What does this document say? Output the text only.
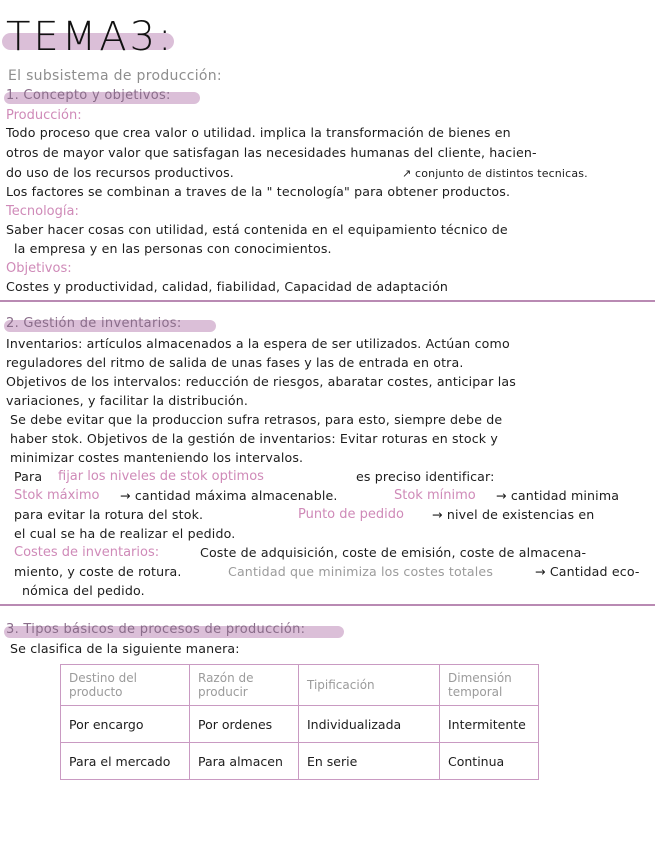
TEMA3:
El subsistema de producción:
1. Concepto y objetivos:
Producción:
Todo proceso que crea valor o utilidad. implica la transformación de bienes en
otros de mayor valor que satisfagan las necesidades humanas del cliente, hacien-
do uso de los recursos productivos.	↗ conjunto de distintos tecnicas.
Los factores se combinan a traves de la " tecnología" para obtener productos.
Tecnología:
Saber hacer cosas con utilidad, está contenida en el equipamiento técnico de
la empresa y en las personas con conocimientos.
Objetivos:
Costes y productividad, calidad, fiabilidad, Capacidad de adaptación
2. Gestión de inventarios:
Inventarios: artículos almacenados a la espera de ser utilizados. Actúan como
reguladores del ritmo de salida de unas fases y las de entrada en otra.
Objetivos de los intervalos: reducción de riesgos, abaratar costes, anticipar las
variaciones, y facilitar la distribución.
Se debe evitar que la produccion sufra retrasos, para esto, siempre debe de
haber stok. Objetivos de la gestión de inventarios: Evitar roturas en stock y
minimizar costes manteniendo los intervalos.
Para fijar los niveles de stok optimos	es preciso identificar:
Stok máximo → cantidad máxima almacenable.	Stok mínimo → cantidad minima
para evitar la rotura del stok.	Punto de pedido → nivel de existencias en
el cual se ha de realizar el pedido.
Costes de inventarios:	Coste de adquisición, coste de emisión, coste de almacena-
miento, y coste de rotura.	Cantidad que minimiza los costes totales	→ Cantidad eco-
nómica del pedido.
3. Tipos básicos de procesos de producción:
Se clasifica de la siguiente manera:
Destino del producto	Razón de producir	Tipificación	Dimensión temporal
Por encargo	Por ordenes	Individualizada	Intermitente
Para el mercado	Para almacen	En serie	Continua
